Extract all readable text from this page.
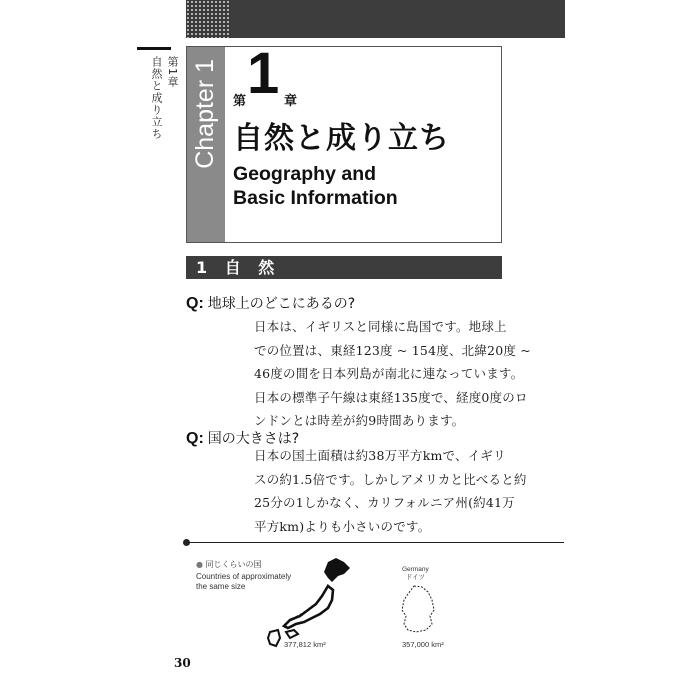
第1章
自然と成り立ち Chapter 1 第 1 章
自然と成り立ち
Geography and
Basic Information
1 自 然
Q: 地球上のどこにあるの?

日本は、イギリスと同様に島国です。地球上

での位置は、東経123度 ~ 154度、北緯20度 ~

46度の間を日本列島が南北に連なっています。

日本の標準子午線は東経135度で、経度0度のロ

ンドンとは時差が約9時間あります。

Q: 国の大きさは?

日本の国土面積は約38万平方kmで、イギリ

スの約1.5倍です。しかしアメリカと比べると約

25分の1しかなく、カリフォルニア州(約41万

平方km)よりも小さいのです。

● 同じくらいの国
Countries of approximately
the same size
377,812 km²
Germany
ドイツ
357,000 km²
30
